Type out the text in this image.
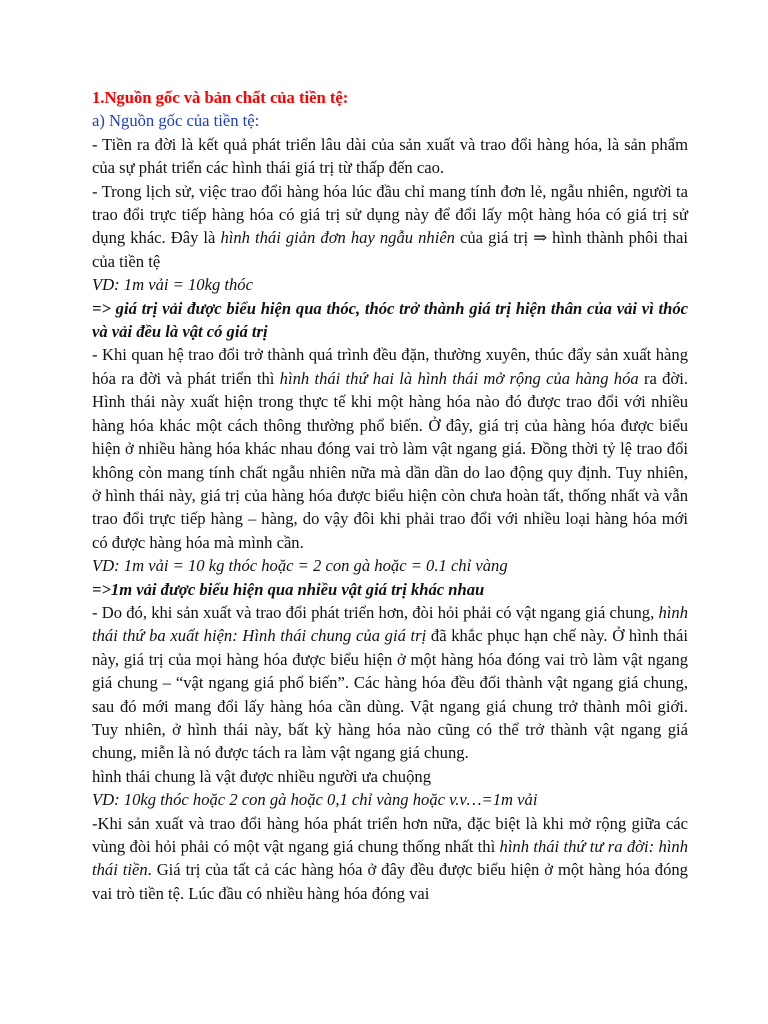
1.Nguồn gốc và bản chất của tiền tệ:

a) Nguồn gốc của tiền tệ:

- Tiền ra đời là kết quả phát triển lâu dài của sản xuất và trao đổi hàng hóa, là sản phẩm của sự phát triển các hình thái giá trị từ thấp đến cao.

- Trong lịch sử, việc trao đổi hàng hóa lúc đầu chỉ mang tính đơn lẻ, ngẫu nhiên, người ta trao đổi trực tiếp hàng hóa có giá trị sử dụng này để đổi lấy một hàng hóa có giá trị sử dụng khác. Đây là hình thái giản đơn hay ngẫu nhiên của giá trị ⇒ hình thành phôi thai của tiền tệ

VD: 1m vải = 10kg thóc

=> giá trị vải được biểu hiện qua thóc, thóc trở thành giá trị hiện thân của vải vì thóc và vải đều là vật có giá trị

- Khi quan hệ trao đổi trở thành quá trình đều đặn, thường xuyên, thúc đẩy sản xuất hàng hóa ra đời và phát triển thì hình thái thứ hai là hình thái mở rộng của hàng hóa ra đời. Hình thái này xuất hiện trong thực tế khi một hàng hóa nào đó được trao đổi với nhiều hàng hóa khác một cách thông thường phổ biến. Ở đây, giá trị của hàng hóa được biểu hiện ở nhiều hàng hóa khác nhau đóng vai trò làm vật ngang giá. Đồng thời tỷ lệ trao đổi không còn mang tính chất ngẫu nhiên nữa mà dần dần do lao động quy định. Tuy nhiên, ở hình thái này, giá trị của hàng hóa được biểu hiện còn chưa hoàn tất, thống nhất và vẫn trao đổi trực tiếp hàng – hàng, do vậy đôi khi phải trao đổi với nhiều loại hàng hóa mới có được hàng hóa mà mình cần.

VD: 1m vải = 10 kg thóc hoặc = 2 con gà hoặc = 0.1 chỉ vàng

=>1m vải được biểu hiện qua nhiều vật giá trị khác nhau

- Do đó, khi sản xuất và trao đổi phát triển hơn, đòi hỏi phải có vật ngang giá chung, hình thái thứ ba xuất hiện: Hình thái chung của giá trị đã khắc phục hạn chế này. Ở hình thái này, giá trị của mọi hàng hóa được biểu hiện ở một hàng hóa đóng vai trò làm vật ngang giá chung – “vật ngang giá phổ biến”. Các hàng hóa đều đổi thành vật ngang giá chung, sau đó mới mang đổi lấy hàng hóa cần dùng. Vật ngang giá chung trở thành môi giới. Tuy nhiên, ở hình thái này, bất kỳ hàng hóa nào cũng có thể trở thành vật ngang giá chung, miễn là nó được tách ra làm vật ngang giá chung.

hình thái chung là vật được nhiều người ưa chuộng

VD: 10kg thóc hoặc 2 con gà hoặc 0,1 chỉ vàng hoặc v.v…=1m vải

-Khi sản xuất và trao đổi hàng hóa phát triển hơn nữa, đặc biệt là khi mở rộng giữa các vùng đòi hỏi phải có một vật ngang giá chung thống nhất thì hình thái thứ tư ra đời: hình thái tiền. Giá trị của tất cả các hàng hóa ở đây đều được biểu hiện ở một hàng hóa đóng vai trò tiền tệ. Lúc đầu có nhiều hàng hóa đóng vai
